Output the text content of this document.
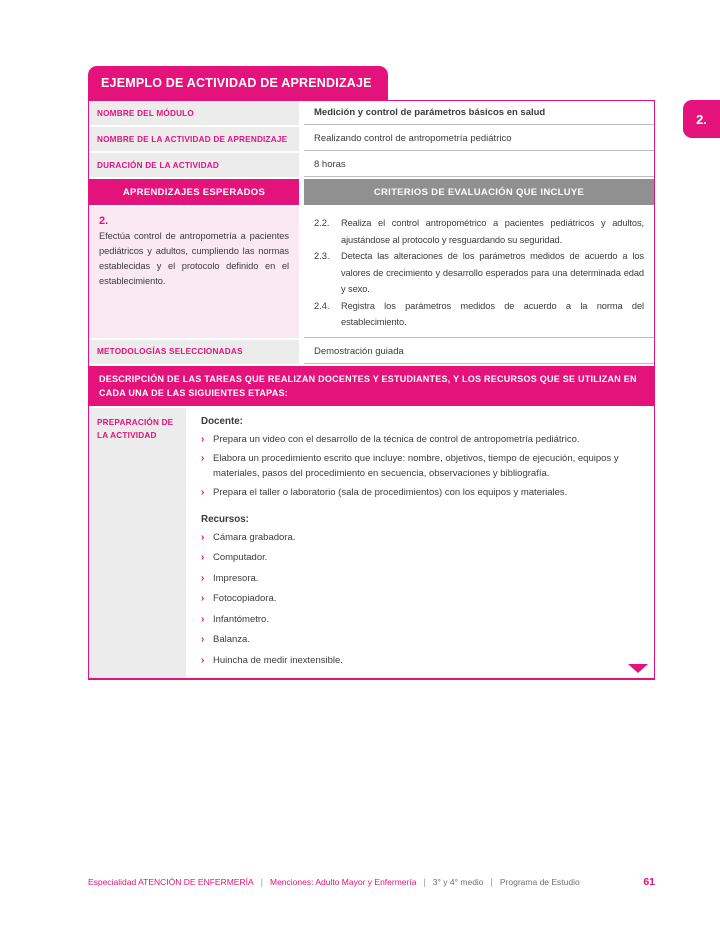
2.
EJEMPLO DE ACTIVIDAD DE APRENDIZAJE
NOMBRE DEL MÓDULO	Medición y control de parámetros básicos en salud
NOMBRE DE LA ACTIVIDAD DE APRENDIZAJE	Realizando control de antropometría pediátrico
DURACIÓN DE LA ACTIVIDAD	8 horas
APRENDIZAJES ESPERADOS	CRITERIOS DE EVALUACIÓN QUE INCLUYE
2.
Efectúa control de antropometría a pacientes pediátricos y adultos, cumpliendo las normas establecidas y el protocolo definido en el establecimiento.
2.2.	Realiza el control antropométrico a pacientes pediátricos y adultos, ajustándose al protocolo y resguardando su seguridad.
2.3.	Detecta las alteraciones de los parámetros medidos de acuerdo a los valores de crecimiento y desarrollo esperados para una determinada edad y sexo.
2.4.	Registra los parámetros medidos de acuerdo a la norma del establecimiento.
METODOLOGÍAS SELECCIONADAS	Demostración guiada
DESCRIPCIÓN DE LAS TAREAS QUE REALIZAN DOCENTES Y ESTUDIANTES, Y LOS RECURSOS QUE SE UTILIZAN EN CADA UNA DE LAS SIGUIENTES ETAPAS:
PREPARACIÓN DE LA ACTIVIDAD
Docente:
› Prepara un video con el desarrollo de la técnica de control de antropometría pediátrico.
› Elabora un procedimiento escrito que incluye: nombre, objetivos, tiempo de ejecución, equipos y materiales, pasos del procedimiento en secuencia, observaciones y bibliografía.
› Prepara el taller o laboratorio (sala de procedimientos) con los equipos y materiales.
Recursos:
› Cámara grabadora.
› Computador.
› Impresora.
› Fotocopiadora.
› Infantómetro.
› Balanza.
› Huincha de medir inextensible.
Especialidad ATENCIÓN DE ENFERMERÍA | Menciones: Adulto Mayor y Enfermería | 3° y 4° medio | Programa de Estudio	61
